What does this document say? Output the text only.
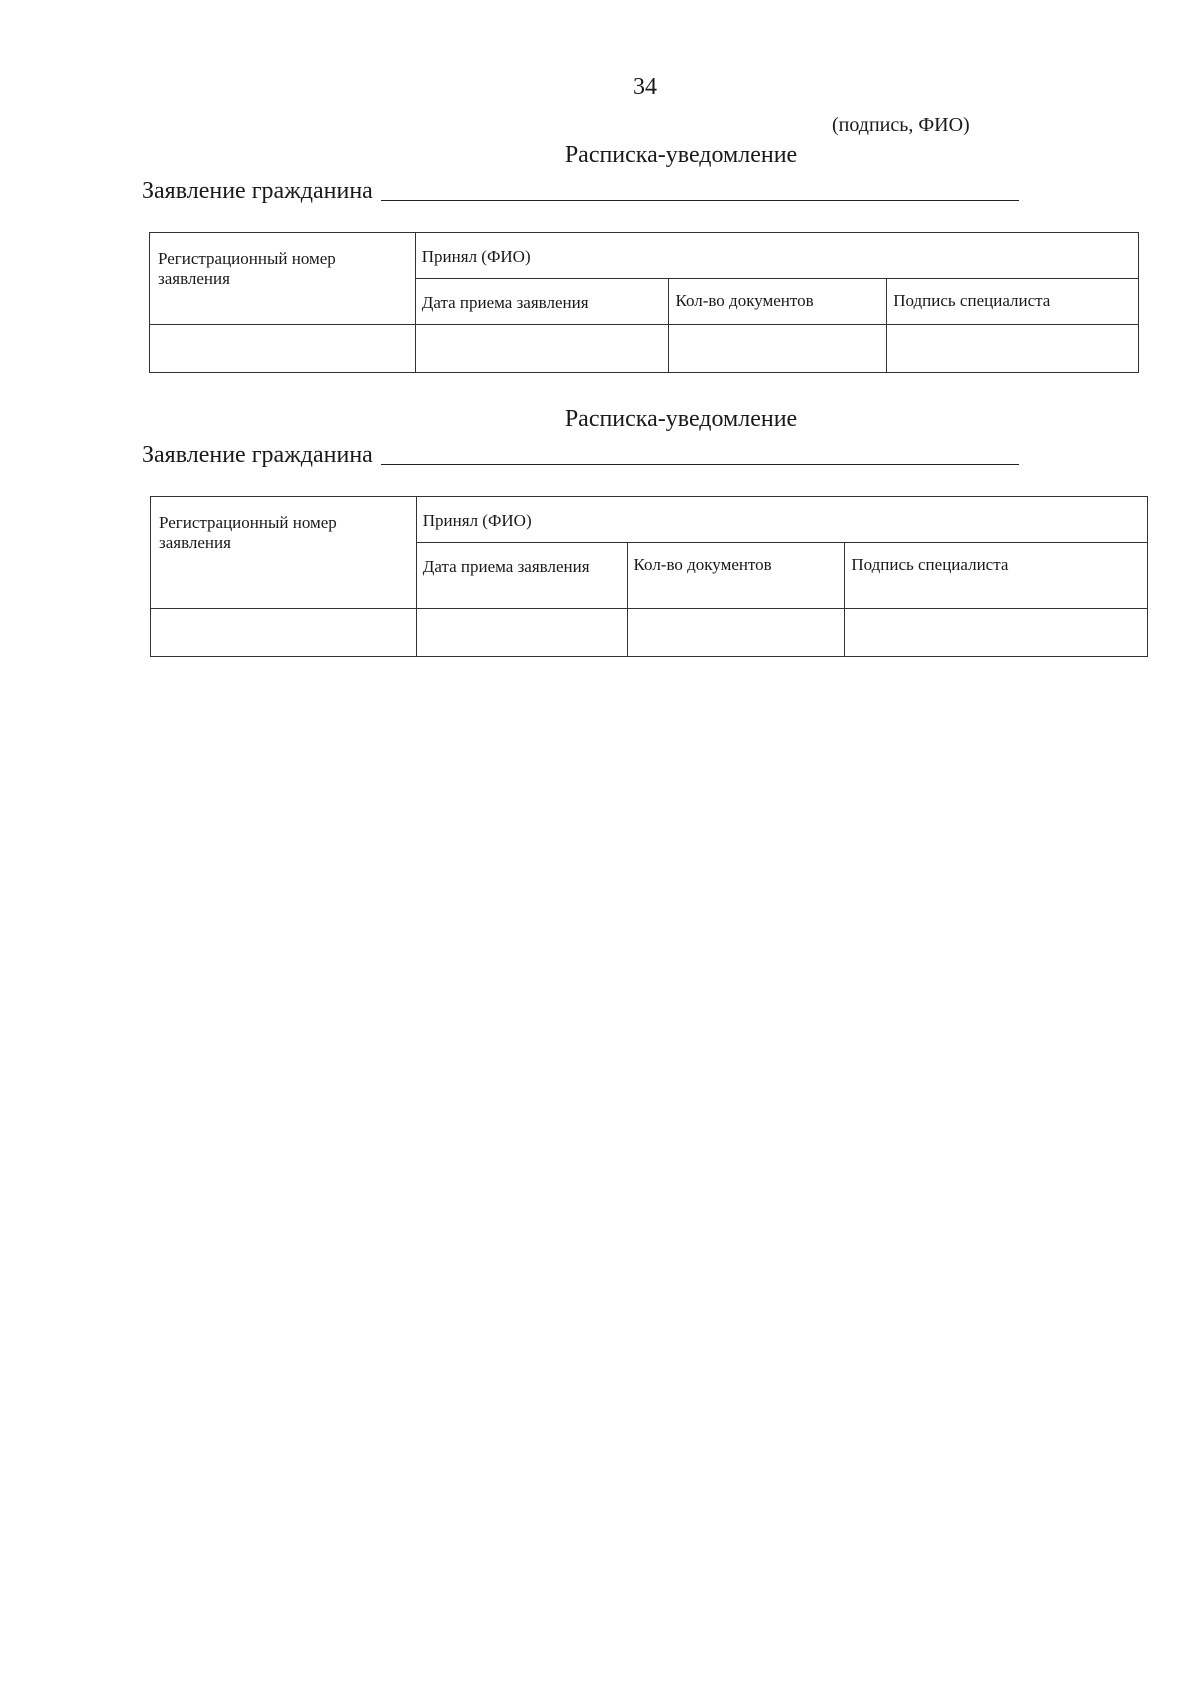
34
(подпись, ФИО)
Расписка-уведомление
Заявление гражданина
Регистрационный номер заявления	Принял (ФИО)		
	Дата приема заявления	Кол-во документов	Подпись специалиста

Расписка-уведомление
Заявление гражданина
Регистрационный номер заявления	Принял (ФИО)		
	Дата приема заявления	Кол-во документов	Подпись специалиста
